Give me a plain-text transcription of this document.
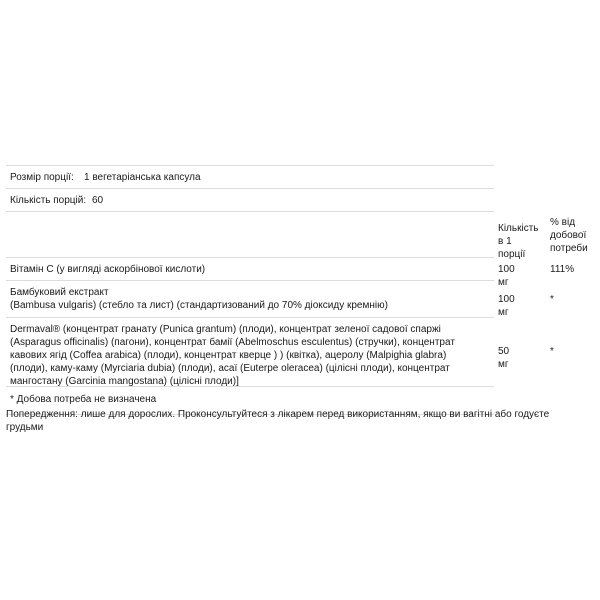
Розмір порції: 1 вегетаріанська капсула
Кількість порцій: 60
Кількість
в 1 порції
% від
добової
потреби
Вітамін С (у вигляді аскорбінової кислоти)	100 мг
111%
Бамбуковий екстракт
(Bambusa vulgaris) (стебло та лист) (стандартизований до 70% діоксиду кремнію)
100 мг
*
Dermaval® (концентрат гранату (Punica grantum) (плоди), концентрат зеленої садової спаржі
(Asparagus officinalis) (пагони), концентрат бамії (Abelmoschus esculentus) (стручки), концентрат
кавових ягід (Coffea arabica) (плоди), концентрат кверце ) ) (квітка), ацеролу (Malpighia glabra)
(плоди), каму-каму (Myrciaria dubia) (плоди), асаї (Euterpe oleracea) (цілісні плоди), концентрат
мангостану (Garcinia mangostana) (цілісні плоди)]
50 мг
*
* Добова потреба не визначена
Попередження: лише для дорослих. Проконсультуйтеся з лікарем перед використанням, якщо ви вагітні або годуєте грудьми
